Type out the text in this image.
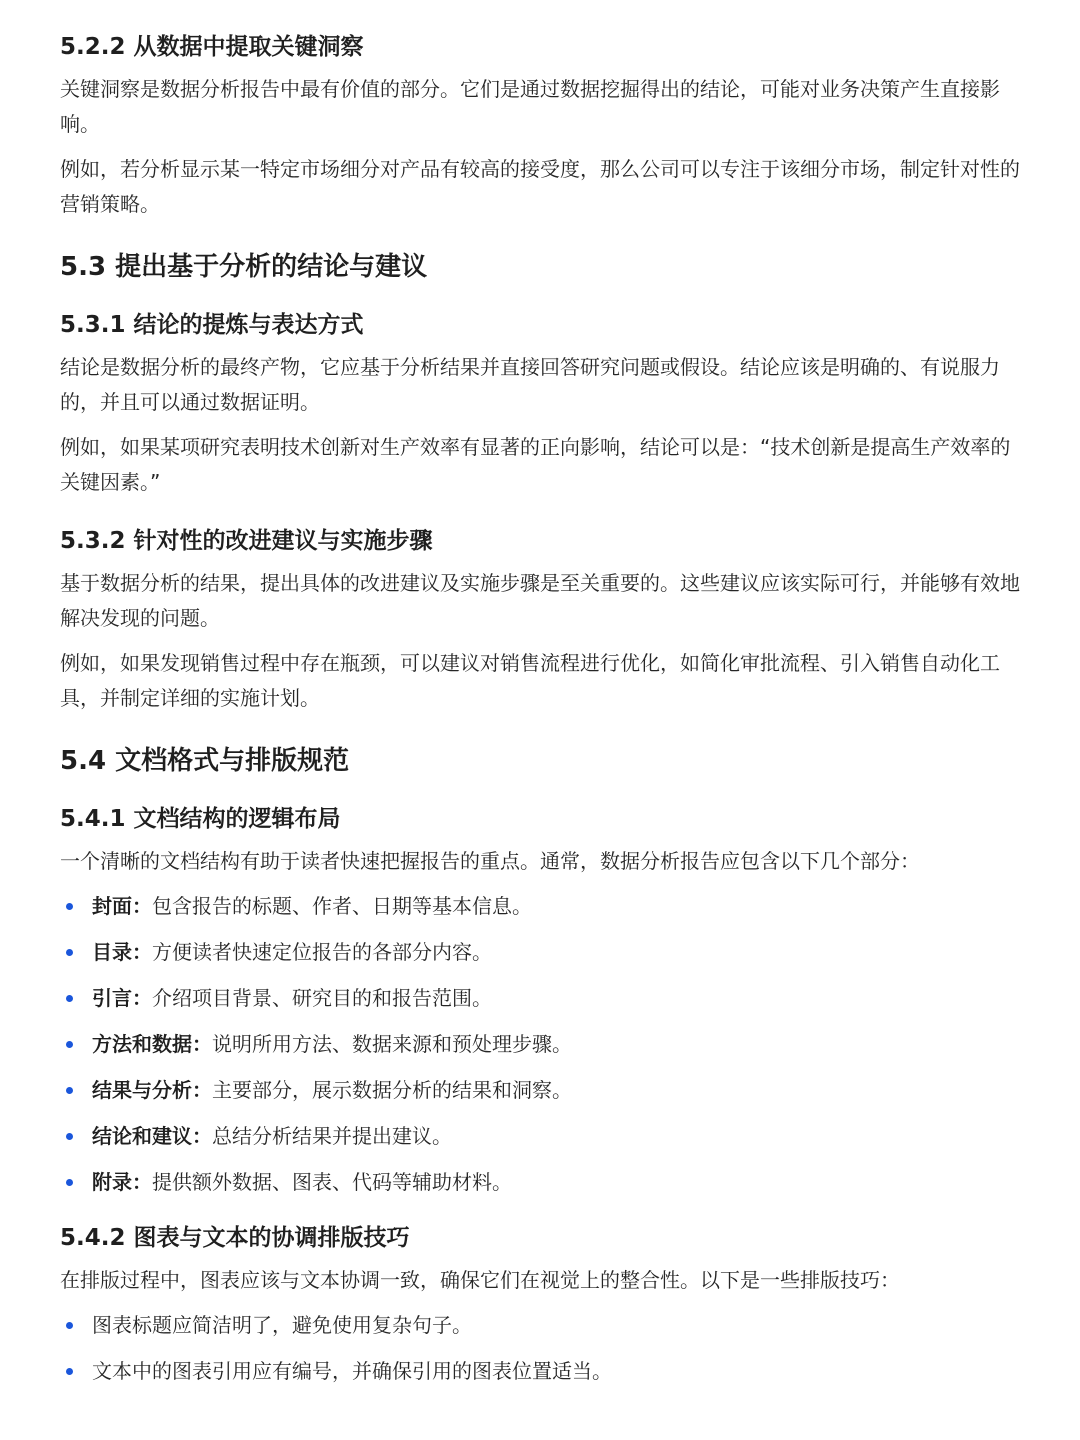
5.2.2 从数据中提取关键洞察

关键洞察是数据分析报告中最有价值的部分。它们是通过数据挖掘得出的结论，可能对业务决策产生直接影响。

例如，若分析显示某一特定市场细分对产品有较高的接受度，那么公司可以专注于该细分市场，制定针对性的营销策略。

5.3 提出基于分析的结论与建议
5.3.1 结论的提炼与表达方式

结论是数据分析的最终产物，它应基于分析结果并直接回答研究问题或假设。结论应该是明确的、有说服力的，并且可以通过数据证明。

例如，如果某项研究表明技术创新对生产效率有显著的正向影响，结论可以是：“技术创新是提高生产效率的关键因素。”

5.3.2 针对性的改进建议与实施步骤

基于数据分析的结果，提出具体的改进建议及实施步骤是至关重要的。这些建议应该实际可行，并能够有效地解决发现的问题。

例如，如果发现销售过程中存在瓶颈，可以建议对销售流程进行优化，如简化审批流程、引入销售自动化工具，并制定详细的实施计划。

5.4 文档格式与排版规范
5.4.1 文档结构的逻辑布局

一个清晰的文档结构有助于读者快速把握报告的重点。通常，数据分析报告应包含以下几个部分：

封面：包含报告的标题、作者、日期等基本信息。
目录：方便读者快速定位报告的各部分内容。
引言：介绍项目背景、研究目的和报告范围。
方法和数据：说明所用方法、数据来源和预处理步骤。
结果与分析：主要部分，展示数据分析的结果和洞察。
结论和建议：总结分析结果并提出建议。
附录：提供额外数据、图表、代码等辅助材料。
5.4.2 图表与文本的协调排版技巧

在排版过程中，图表应该与文本协调一致，确保它们在视觉上的整合性。以下是一些排版技巧：

图表标题应简洁明了，避免使用复杂句子。
文本中的图表引用应有编号，并确保引用的图表位置适当。
